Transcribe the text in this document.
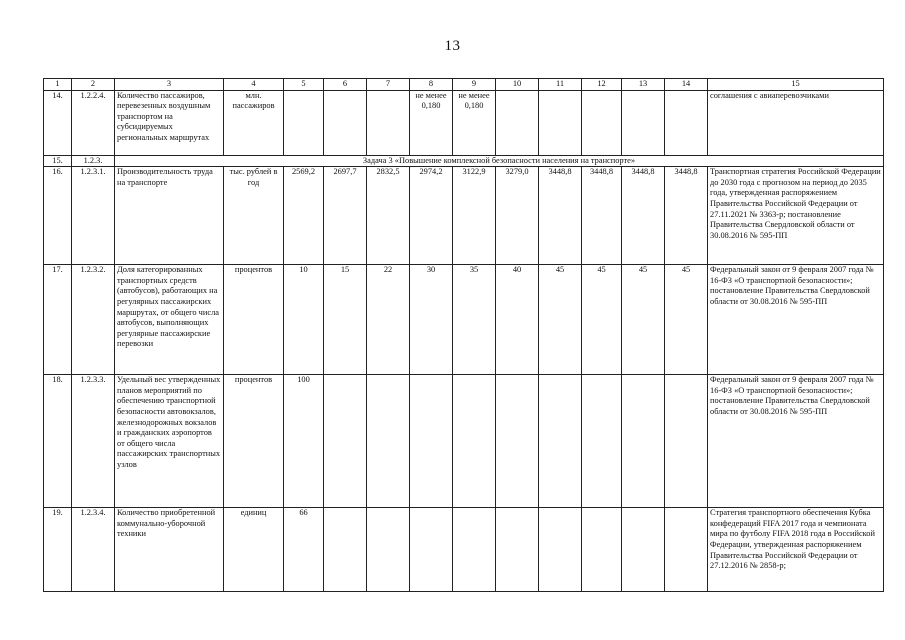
13
1	2	3	4	5	6	7	8	9	10	11	12	13	14	15
14.	1.2.2.4.	Количество пассажиров, перевезенных воздушным транспортом на субсидируемых региональных маршрутах	млн. пассажиров				не менее 0,180	не менее 0,180						соглашения с авиаперевозчиками
15.	1.2.3.	Задача 3 «Повышение комплексной безопасности населения на транспорте»												
16.	1.2.3.1.	Производительность труда на транспорте	тыс. рублей в год	2569,2	2697,7	2832,5	2974,2	3122,9	3279,0	3448,8	3448,8	3448,8	3448,8	Транспортная стратегия Российской Федерации до 2030 года с прогнозом на период до 2035 года, утвержденная распоряжением Правительства Российской Федерации от 27.11.2021 № 3363-р; постановление Правительства Свердловской области от 30.08.2016 № 595-ПП
17.	1.2.3.2.	Доля категорированных транспортных средств (автобусов), работающих на регулярных пассажирских маршрутах, от общего числа автобусов, выполняющих регулярные пассажирские перевозки	процентов	10	15	22	30	35	40	45	45	45	45	Федеральный закон от 9 февраля 2007 года № 16-ФЗ «О транспортной безопасности»; постановление Правительства Свердловской области от 30.08.2016 № 595-ПП
18.	1.2.3.3.	Удельный вес утвержденных планов мероприятий по обеспечению транспортной безопасности автовокзалов, железнодорожных вокзалов и гражданских аэропортов от общего числа пассажирских транспортных узлов	процентов	100										Федеральный закон от 9 февраля 2007 года № 16-ФЗ «О транспортной безопасности»; постановление Правительства Свердловской области от 30.08.2016 № 595-ПП
19.	1.2.3.4.	Количество приобретенной коммунально-уборочной техники	единиц	66										Стратегия транспортного обеспечения Кубка конфедераций FIFA 2017 года и чемпионата мира по футболу FIFA 2018 года в Российской Федерации, утвержденная распоряжением Правительства Российской Федерации от 27.12.2016 № 2858-р;
